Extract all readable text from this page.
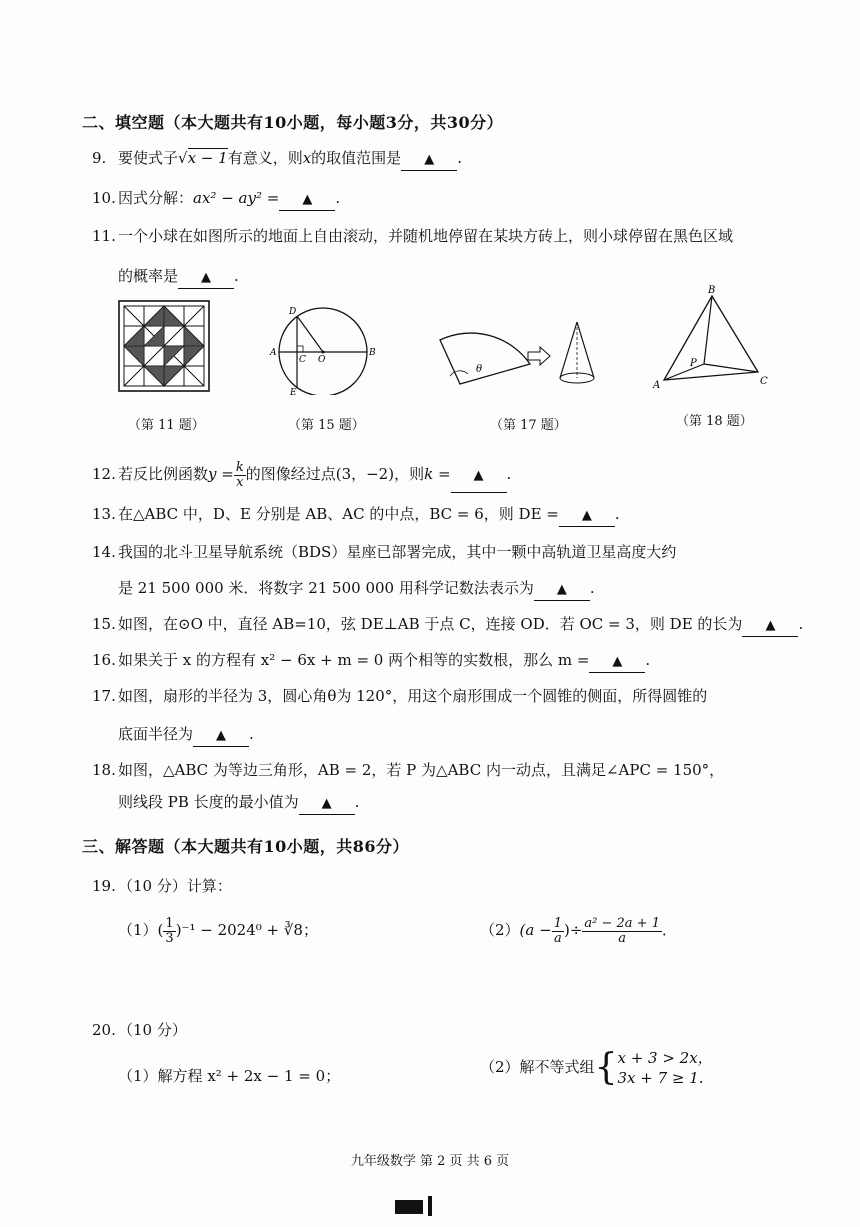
二、填空题（本大题共有10小题，每小题3分，共30分）
9. 要使式子√x − 1有意义，则x的取值范围是 ▲ .
10. 因式分解：ax² − ay² = ▲ .
11. 一个小球在如图所示的地面上自由滚动，并随机地停留在某块方砖上，则小球停留在黑色区域
的概率是 ▲ .
（第 11 题）
D
A
C O
B
E
（第 15 题）
θ
（第 17 题）
B
P
A	C
（第 18 题）
12. 若反比例函数$y = \frac{k}{x}$ 的图像经过点(3，−2)，则k = ▲ .
13. 在△ABC 中，D、E 分别是 AB、AC 的中点，BC = 6，则 DE = ▲ .
14. 我国的北斗卫星导航系统（BDS）星座已部署完成，其中一颗中高轨道卫星高度大约
是 21 500 000 米．将数字 21 500 000 用科学记数法表示为 ▲ .
15. 如图，在⊙O 中，直径 AB=10，弦 DE⊥AB 于点 C，连接 OD．若 OC = 3，则 DE 的长为 ▲ .
16. 如果关于 x 的方程有 x² − 6x + m = 0 两个相等的实数根，那么 m = ▲ .
17. 如图，扇形的半径为 3，圆心角θ为 120°，用这个扇形围成一个圆锥的侧面，所得圆锥的
底面半径为 ▲ .
18. 如图，△ABC 为等边三角形，AB = 2，若 P 为△ABC 内一动点，且满足∠APC = 150°，
则线段 PB 长度的最小值为 ▲ .
三、解答题（本大题共有10小题，共86分）
19. （10 分）计算：
$(1)( \frac{1}{3} )^{-1} - 2024^0$ + ∛8；	$(2)(a - \frac{1}{a}$ )÷ $\frac{\text{a² − 2a + 1}}{a}$ ．
20. （10 分）
（1）解方程 x² + 2x − 1 = 0；	（2）解不等式组{ x + 3 > 2x，
3x + 7 ≥ 1.
九年级数学 第 2 页 共 6 页
